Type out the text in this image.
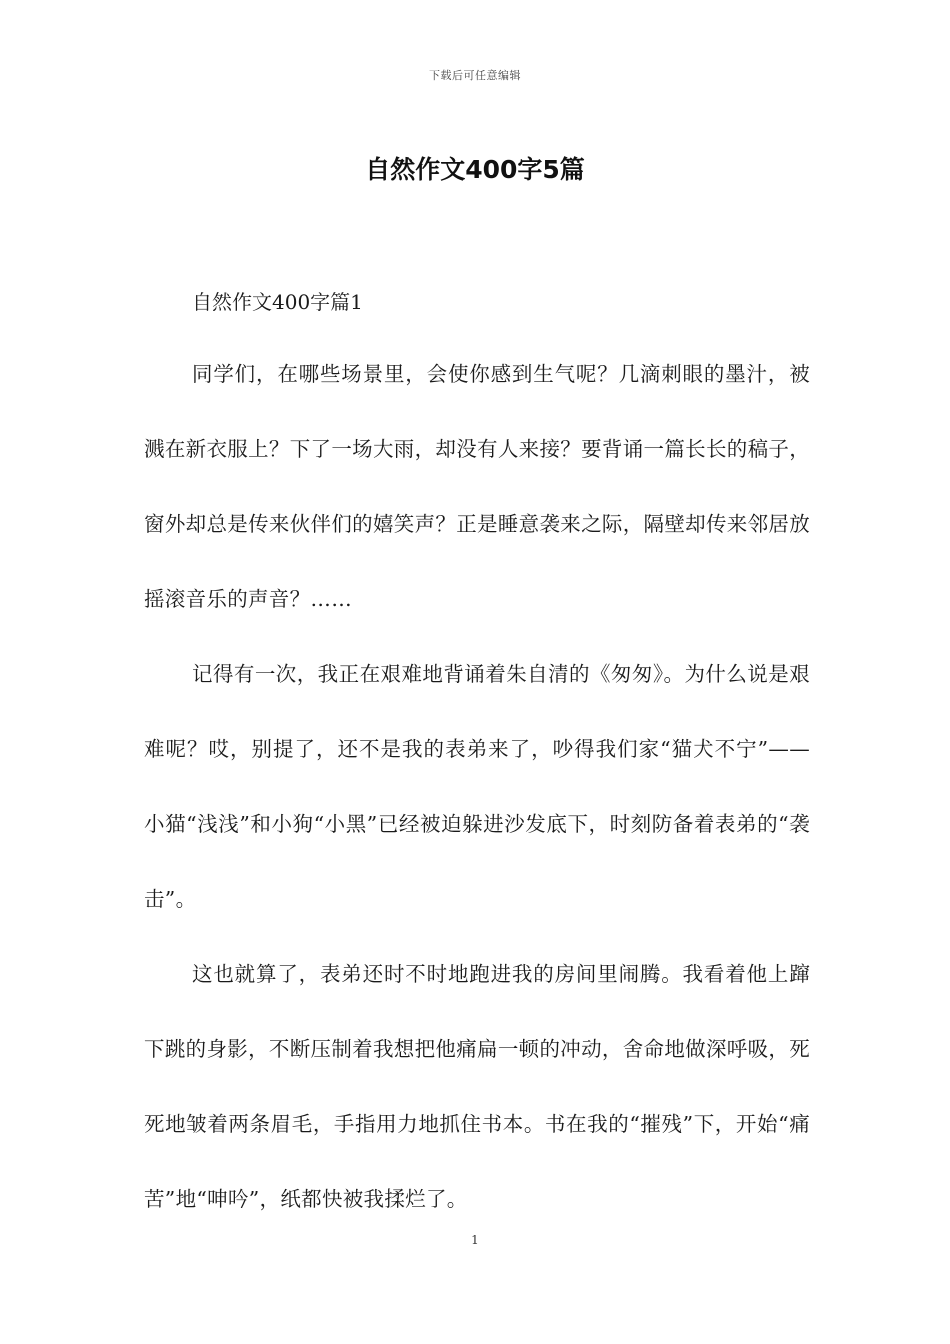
下载后可任意编辑
自然作文400字5篇
自然作文400字篇1

同学们，在哪些场景里，会使你感到生气呢？几滴刺眼的墨汁，被溅在新衣服上？下了一场大雨，却没有人来接？要背诵一篇长长的稿子，窗外却总是传来伙伴们的嬉笑声？正是睡意袭来之际，隔壁却传来邻居放摇滚音乐的声音？……

记得有一次，我正在艰难地背诵着朱自清的《匆匆》。为什么说是艰难呢？哎，别提了，还不是我的表弟来了，吵得我们家“猫犬不宁”——小猫“浅浅”和小狗“小黑”已经被迫躲进沙发底下，时刻防备着表弟的“袭击”。

这也就算了，表弟还时不时地跑进我的房间里闹腾。我看着他上蹿下跳的身影，不断压制着我想把他痛扁一顿的冲动，舍命地做深呼吸，死死地皱着两条眉毛，手指用力地抓住书本。书在我的“摧残”下，开始“痛苦”地“呻吟”，纸都快被我揉烂了。

1
